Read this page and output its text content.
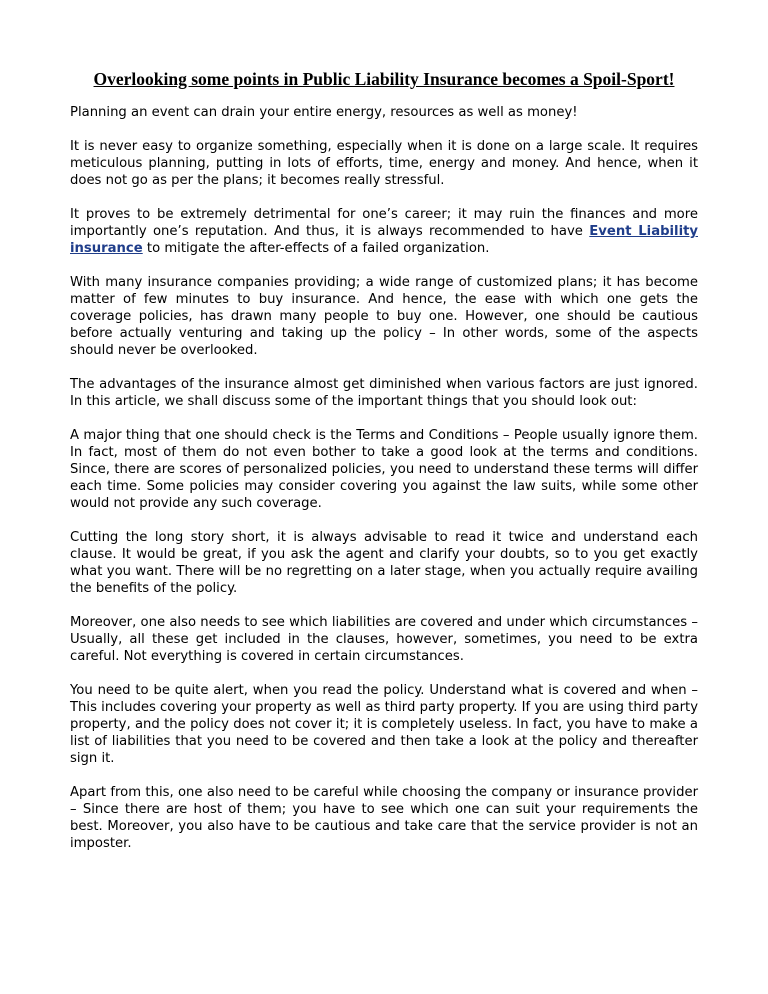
Overlooking some points in Public Liability Insurance becomes a Spoil-Sport!

Planning an event can drain your entire energy, resources as well as money!

It is never easy to organize something, especially when it is done on a large scale. It requires meticulous planning, putting in lots of efforts, time, energy and money. And hence, when it does not go as per the plans; it becomes really stressful.

It proves to be extremely detrimental for one’s career; it may ruin the finances and more importantly one’s reputation. And thus, it is always recommended to have Event Liability insurance to mitigate the after-effects of a failed organization.

With many insurance companies providing; a wide range of customized plans; it has become matter of few minutes to buy insurance. And hence, the ease with which one gets the coverage policies, has drawn many people to buy one. However, one should be cautious before actually venturing and taking up the policy – In other words, some of the aspects should never be overlooked.

The advantages of the insurance almost get diminished when various factors are just ignored. In this article, we shall discuss some of the important things that you should look out:

A major thing that one should check is the Terms and Conditions – People usually ignore them. In fact, most of them do not even bother to take a good look at the terms and conditions. Since, there are scores of personalized policies, you need to understand these terms will differ each time. Some policies may consider covering you against the law suits, while some other would not provide any such coverage.

Cutting the long story short, it is always advisable to read it twice and understand each clause. It would be great, if you ask the agent and clarify your doubts, so to you get exactly what you want. There will be no regretting on a later stage, when you actually require availing the benefits of the policy.

Moreover, one also needs to see which liabilities are covered and under which circumstances – Usually, all these get included in the clauses, however, sometimes, you need to be extra careful. Not everything is covered in certain circumstances.

You need to be quite alert, when you read the policy. Understand what is covered and when – This includes covering your property as well as third party property. If you are using third party property, and the policy does not cover it; it is completely useless. In fact, you have to make a list of liabilities that you need to be covered and then take a look at the policy and thereafter sign it.

Apart from this, one also need to be careful while choosing the company or insurance provider – Since there are host of them; you have to see which one can suit your requirements the best. Moreover, you also have to be cautious and take care that the service provider is not an imposter.
